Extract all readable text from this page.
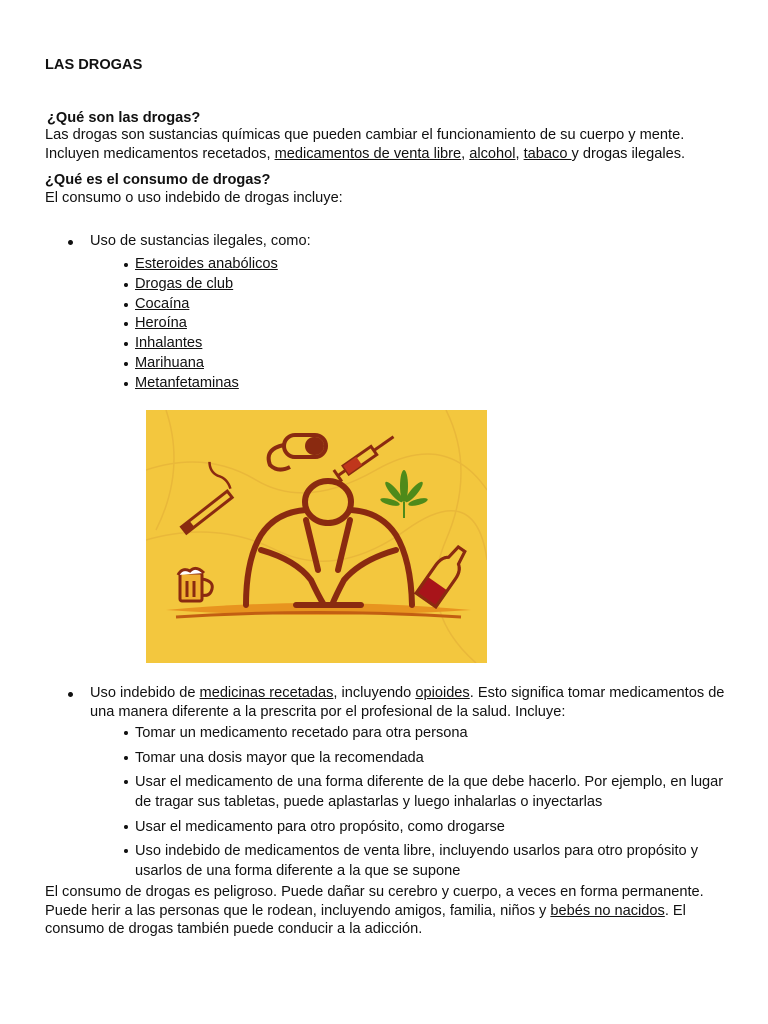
LAS DROGAS
¿Qué son las drogas?
Las drogas son sustancias químicas que pueden cambiar el funcionamiento de su cuerpo y mente. Incluyen medicamentos recetados, medicamentos de venta libre, alcohol, tabaco y drogas ilegales.
¿Qué es el consumo de drogas?
El consumo o uso indebido de drogas incluye:
Uso de sustancias ilegales, como:
Esteroides anabólicos
Drogas de club
Cocaína
Heroína
Inhalantes
Marihuana
Metanfetaminas
Uso indebido de medicinas recetadas, incluyendo opioides. Esto significa tomar medicamentos de una manera diferente a la prescrita por el profesional de la salud. Incluye:
Tomar un medicamento recetado para otra persona
Tomar una dosis mayor que la recomendada
Usar el medicamento de una forma diferente de la que debe hacerlo. Por ejemplo, en lugar de tragar sus tabletas, puede aplastarlas y luego inhalarlas o inyectarlas
Usar el medicamento para otro propósito, como drogarse
Uso indebido de medicamentos de venta libre, incluyendo usarlos para otro propósito y usarlos de una forma diferente a la que se supone
El consumo de drogas es peligroso. Puede dañar su cerebro y cuerpo, a veces en forma permanente. Puede herir a las personas que le rodean, incluyendo amigos, familia, niños y bebés no nacidos. El consumo de drogas también puede conducir a la adicción.
